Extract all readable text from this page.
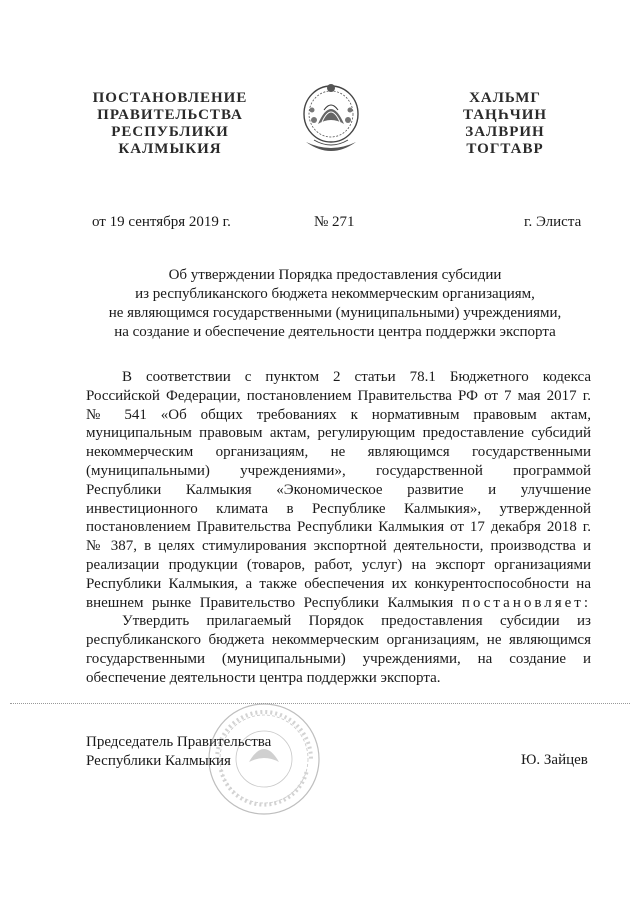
ПОСТАНОВЛЕНИЕ
ПРАВИТЕЛЬСТВА
РЕСПУБЛИКИ
КАЛМЫКИЯ
ХАЛЬМГ
ТАҢҺЧИН
ЗАЛВРИН
ТОГТАВР
от 19 сентября 2019 г.	№ 271	г. Элиста
Об утверждении Порядка предоставления субсидии
из республиканского бюджета некоммерческим организациям,
не являющимся государственными (муниципальными) учреждениями,
на создание и обеспечение деятельности центра поддержки экспорта
В соответствии с пунктом 2 статьи 78.1 Бюджетного кодекса
Российской Федерации, постановлением Правительства РФ от 7 мая 2017 г.
№ 541 «Об общих требованиях к нормативным правовым актам,
муниципальным правовым актам, регулирующим предоставление субсидий
некоммерческим организациям, не являющимся государственными
(муниципальными) учреждениями», государственной программой
Республики Калмыкия «Экономическое развитие и улучшение
инвестиционного климата в Республике Калмыкия», утвержденной
постановлением Правительства Республики Калмыкия от 17 декабря 2018 г.
№ 387, в целях стимулирования экспортной деятельности, производства и
реализации продукции (товаров, работ, услуг) на экспорт организациями
Республики Калмыкия, а также обеспечения их конкурентоспособности на
внешнем рынке Правительство Республики Калмыкия постановляет:
Утвердить прилагаемый Порядок предоставления субсидии из
республиканского бюджета некоммерческим организациям, не являющимся
государственными (муниципальными) учреждениями, на создание и
обеспечение деятельности центра поддержки экспорта.
Председатель Правительства
Республики Калмыкия	Ю. Зайцев
